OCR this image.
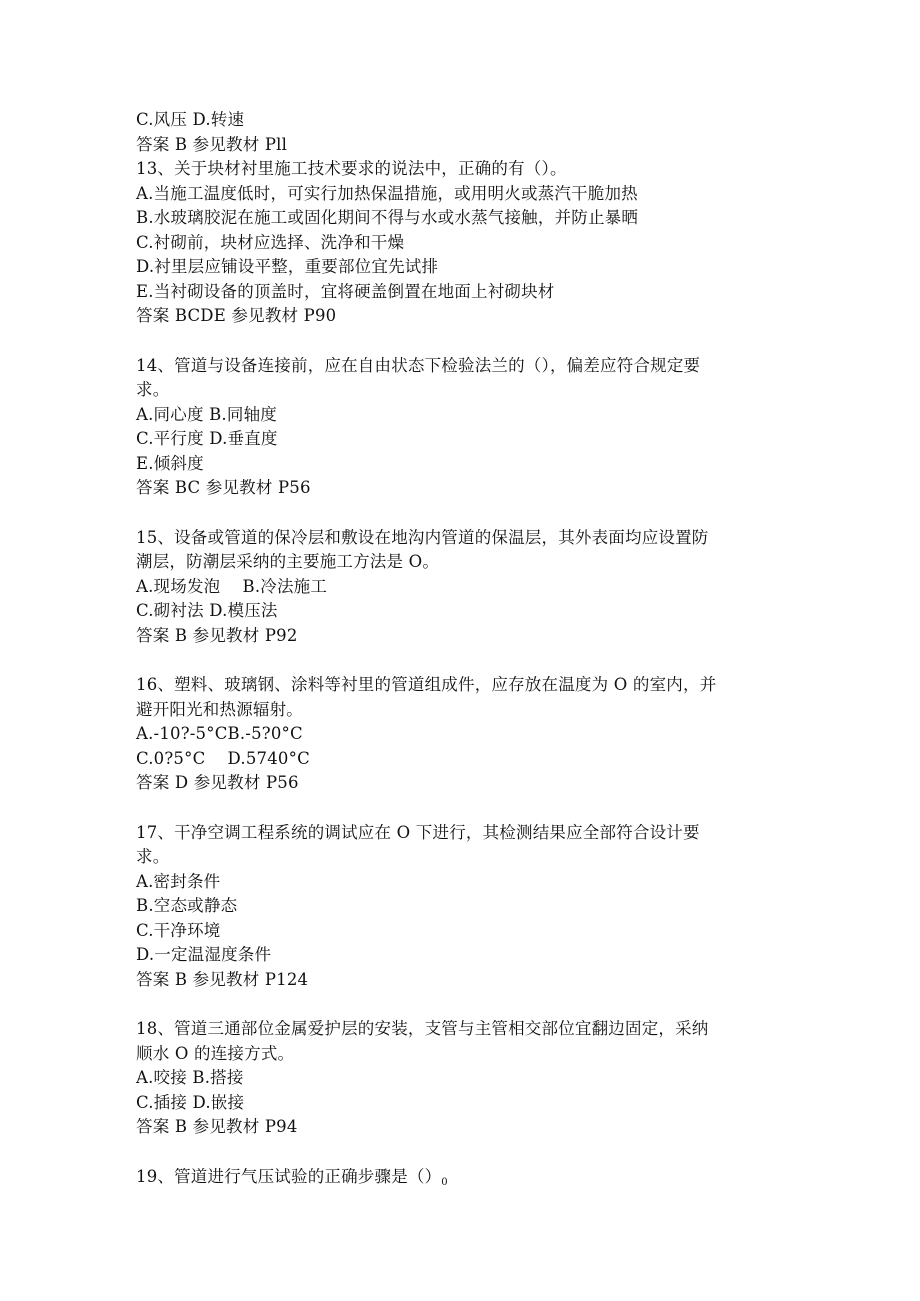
C.风压 D.转速
答案 B 参见教材 Pll
13、关于块材衬里施工技术要求的说法中，正确的有（）。
A.当施工温度低时，可实行加热保温措施，或用明火或蒸汽干脆加热
B.水玻璃胶泥在施工或固化期间不得与水或水蒸气接触，并防止暴晒
C.衬砌前，块材应选择、洗净和干燥
D.衬里层应铺设平整，重要部位宜先试排
E.当衬砌设备的顶盖时，宜将硬盖倒置在地面上衬砌块材
答案 BCDE 参见教材 P90
14、管道与设备连接前，应在自由状态下检验法兰的（），偏差应符合规定要
求。
A.同心度 B.同轴度
C.平行度 D.垂直度
E.倾斜度
答案 BC 参见教材 P56
15、设备或管道的保冷层和敷设在地沟内管道的保温层，其外表面均应设置防
潮层，防潮层采纳的主要施工方法是 O。
A.现场发泡　 B.冷法施工
C.砌衬法 D.模压法
答案 B 参见教材 P92
16、塑料、玻璃钢、涂料等衬里的管道组成件，应存放在温度为 O 的室内，并
避开阳光和热源辐射。
A.-10?-5°CB.-5?0°C
C.0?5°C　 D.5740°C
答案 D 参见教材 P56
17、干净空调工程系统的调试应在 O 下进行，其检测结果应全部符合设计要
求。
A.密封条件
B.空态或静态
C.干净环境
D.一定温湿度条件
答案 B 参见教材 P124
18、管道三通部位金属爱护层的安装，支管与主管相交部位宜翻边固定，采纳
顺水 O 的连接方式。
A.咬接 B.搭接
C.插接 D.嵌接
答案 B 参见教材 P94
19、管道进行气压试验的正确步骤是（）0
